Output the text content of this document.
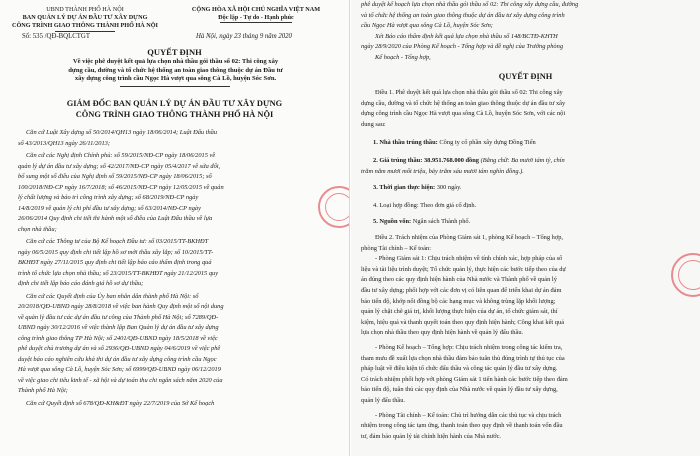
UBND THÀNH PHỐ HÀ NỘI
BAN QUẢN LÝ DỰ ÁN ĐẦU TƯ XÂY DỰNG
CÔNG TRÌNH GIAO THÔNG THÀNH PHỐ HÀ NỘI
CỘNG HÒA XÃ HỘI CHỦ NGHĨA VIỆT NAM
Độc lập - Tự do - Hạnh phúc
Số: 535 /QĐ-BQLCTGT	Hà Nội, ngày 23 tháng 9 năm 2020
QUYẾT ĐỊNH
Về việc phê duyệt kết quả lựa chọn nhà thầu gói thầu số 02: Thi công xây
dựng cầu, đường và tổ chức hệ thống an toàn giao thông thuộc dự án Đầu tư
xây dựng công trình cầu Ngọc Hà vượt qua sông Cà Lồ, huyện Sóc Sơn.
GIÁM ĐỐC BAN QUẢN LÝ DỰ ÁN ĐẦU TƯ XÂY DỰNG
CÔNG TRÌNH GIAO THÔNG THÀNH PHỐ HÀ NỘI
Căn cứ Luật Xây dựng số 50/2014/QH13 ngày 18/06/2014; Luật Đấu thầu
số 43/2013/QH13 ngày 26/11/2013;
Căn cứ các Nghị định Chính phủ: số 59/2015/NĐ-CP ngày 18/06/2015 về
quản lý dự án đầu tư xây dựng; số 42/2017/NĐ-CP ngày 05/4/2017 về sửa đổi,
bổ sung một số điều của Nghị định số 59/2015/NĐ-CP ngày 18/06/2015; số
100/2018/NĐ-CP ngày 16/7/2018; số 46/2015/NĐ-CP ngày 12/05/2015 về quản
lý chất lượng và bảo trì công trình xây dựng; số 68/2019/NĐ-CP ngày
14/8/2019 về quản lý chi phí đầu tư xây dựng; số 63/2014/NĐ-CP ngày
26/06/2014 Quy định chi tiết thi hành một số điều của Luật Đấu thầu về lựa
chọn nhà thầu;
Căn cứ các Thông tư của Bộ Kế hoạch Đầu tư: số 03/2015/TT-BKHĐT
ngày 06/5/2015 quy định chi tiết lập hồ sơ mời thầu xây lắp; số 10/2015/TT-
BKHĐT ngày 27/11/2015 quy định chi tiết lập báo cáo thẩm định trong quá
trình tổ chức lựa chọn nhà thầu; số 23/2015/TT-BKHĐT ngày 21/12/2015 quy
định chi tiết lập báo cáo đánh giá hồ sơ dự thầu;
Căn cứ các Quyết định của Ủy ban nhân dân thành phố Hà Nội: số
20/2018/QĐ-UBND ngày 28/8/2018 về việc ban hành Quy định một số nội dung
về quản lý đầu tư các dự án đầu tư công của Thành phố Hà Nội; số 7289/QĐ-
UBND ngày 30/12/2016 về việc thành lập Ban Quản lý dự án đầu tư xây dựng
công trình giao thông TP Hà Nội; số 2401/QĐ-UBND ngày 18/5/2018 về việc
phê duyệt chủ trương dự án và số 2936/QĐ-UBND ngày 04/6/2019 về việc phê
duyệt báo cáo nghiên cứu khả thi dự án đầu tư xây dựng công trình cầu Ngọc
Hà vượt qua sông Cà Lồ, huyện Sóc Sơn; số 6999/QĐ-UBND ngày 06/12/2019
về việc giao chi tiêu kinh tế - xã hội và dự toán thu chi ngân sách năm 2020 của
Thành phố Hà Nội;
Căn cứ Quyết định số 678/QĐ-KH&ĐT ngày 22/7/2019 của Sở Kế hoạch
phê duyệt kế hoạch lựa chọn nhà thầu gói thầu số 02: Thi công xây dựng cầu, đường
và tổ chức hệ thống an toàn giao thông thuộc dự án đầu tư xây dựng công trình
cầu Ngọc Hà vượt qua sông Cà Lồ, huyện Sóc Sơn;
Xét Báo cáo thẩm định kết quả lựa chọn nhà thầu số 148/BCTĐ-KHTH
ngày 28/9/2020 của Phòng Kế hoạch - Tổng hợp và đề nghị của Trưởng phòng
Kế hoạch - Tổng hợp,
QUYẾT ĐỊNH
Điều 1. Phê duyệt kết quả lựa chọn nhà thầu gói thầu số 02: Thi công xây
dựng cầu, đường và tổ chức hệ thống an toàn giao thông thuộc dự án đầu tư xây
dựng công trình cầu Ngọc Hà vượt qua sông Cà Lồ, huyện Sóc Sơn, với các nội
dung sau:
1. Nhà thầu trúng thầu: Công ty cổ phần xây dựng Đồng Tiến
2. Giá trúng thầu: 38.951.768.000 đồng (Bằng chữ: Ba mươi tám tỷ, chín
trăm năm mươi mốt triệu, bảy trăm sáu mươi tám nghìn đồng.).
3. Thời gian thực hiện: 300 ngày.
4. Loại hợp đồng: Theo đơn giá cố định.
5. Nguồn vốn: Ngân sách Thành phố.
Điều 2. Trách nhiệm của Phòng Giám sát 1, phòng Kế hoạch – Tổng hợp,
phòng Tài chính – Kế toán:
- Phòng Giám sát 1: Chịu trách nhiệm về tính chính xác, hợp pháp của số
liệu và tài liệu trình duyệt; Tổ chức quản lý, thực hiện các bước tiếp theo của dự
án đúng theo các quy định hiện hành của Nhà nước và Thành phố về quản lý
đầu tư xây dựng; phối hợp với các đơn vị có liên quan để triển khai dự án đảm
bảo tiến độ, khớp nối đồng bộ các hạng mục và không trùng lặp khối lượng;
quản lý chặt chẽ giá trị, khối lượng thực hiện của dự án, tổ chức giám sát, thí
kiệm, hiệu quả và thanh quyết toán theo quy định hiện hành; Công khai kết quả
lựa chọn nhà thầu theo quy định hiện hành về quản lý đấu thầu.
- Phòng Kế hoạch – Tổng hợp: Chịu trách nhiệm trong công tác kiểm tra,
tham mưu đề xuất lựa chọn nhà thầu đảm bảo tuân thủ đúng trình tự thủ tục của
pháp luật về điều kiện tổ chức đấu thầu và công tác quản lý đầu tư xây dựng.
Có trách nhiệm phối hợp với phòng Giám sát 1 tiến hành các bước tiếp theo đảm
bảo tiến độ, tuân thủ các quy định của Nhà nước về quản lý đầu tư xây dựng,
quản lý đấu thầu.
- Phòng Tài chính – Kế toán: Chủ trì hướng dẫn các thủ tục và chịu trách
nhiệm trong công tác tạm ứng, thanh toán theo quy định về thanh toán vốn đầu
tư, đảm bảo quản lý tài chính hiện hành của Nhà nước.
